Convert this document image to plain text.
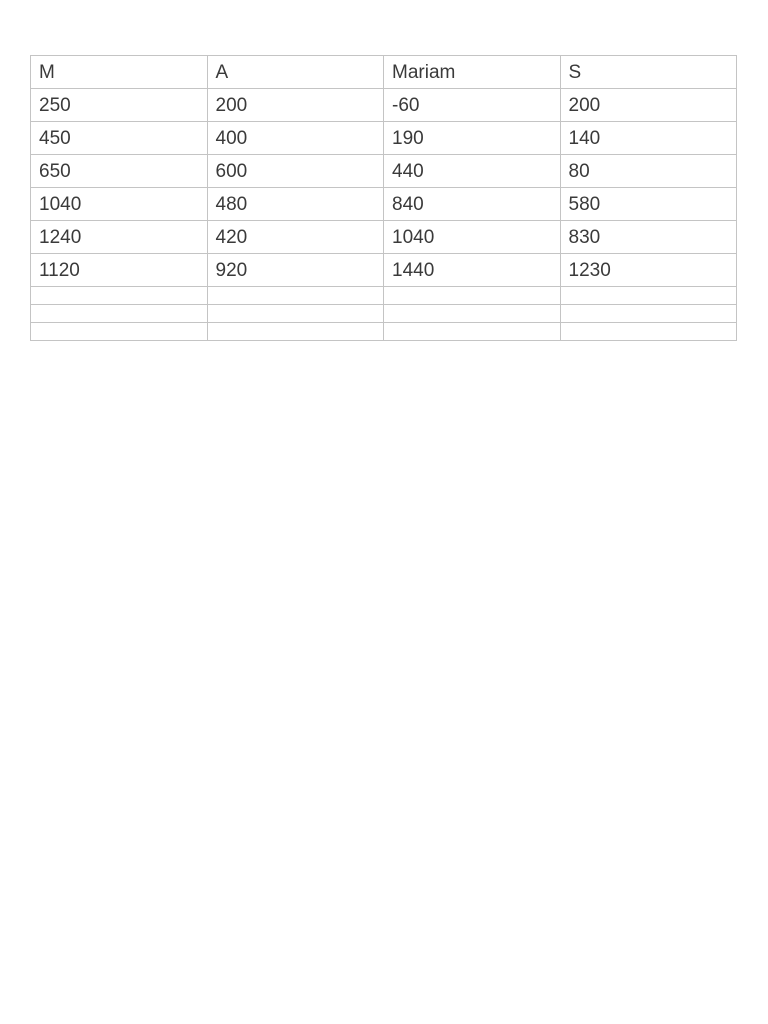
M	A	Mariam	S
250	200	-60	200
450	400	190	140
650	600	440	80
1040	480	840	580
1240	420	1040	830
1120	920	1440	1230
